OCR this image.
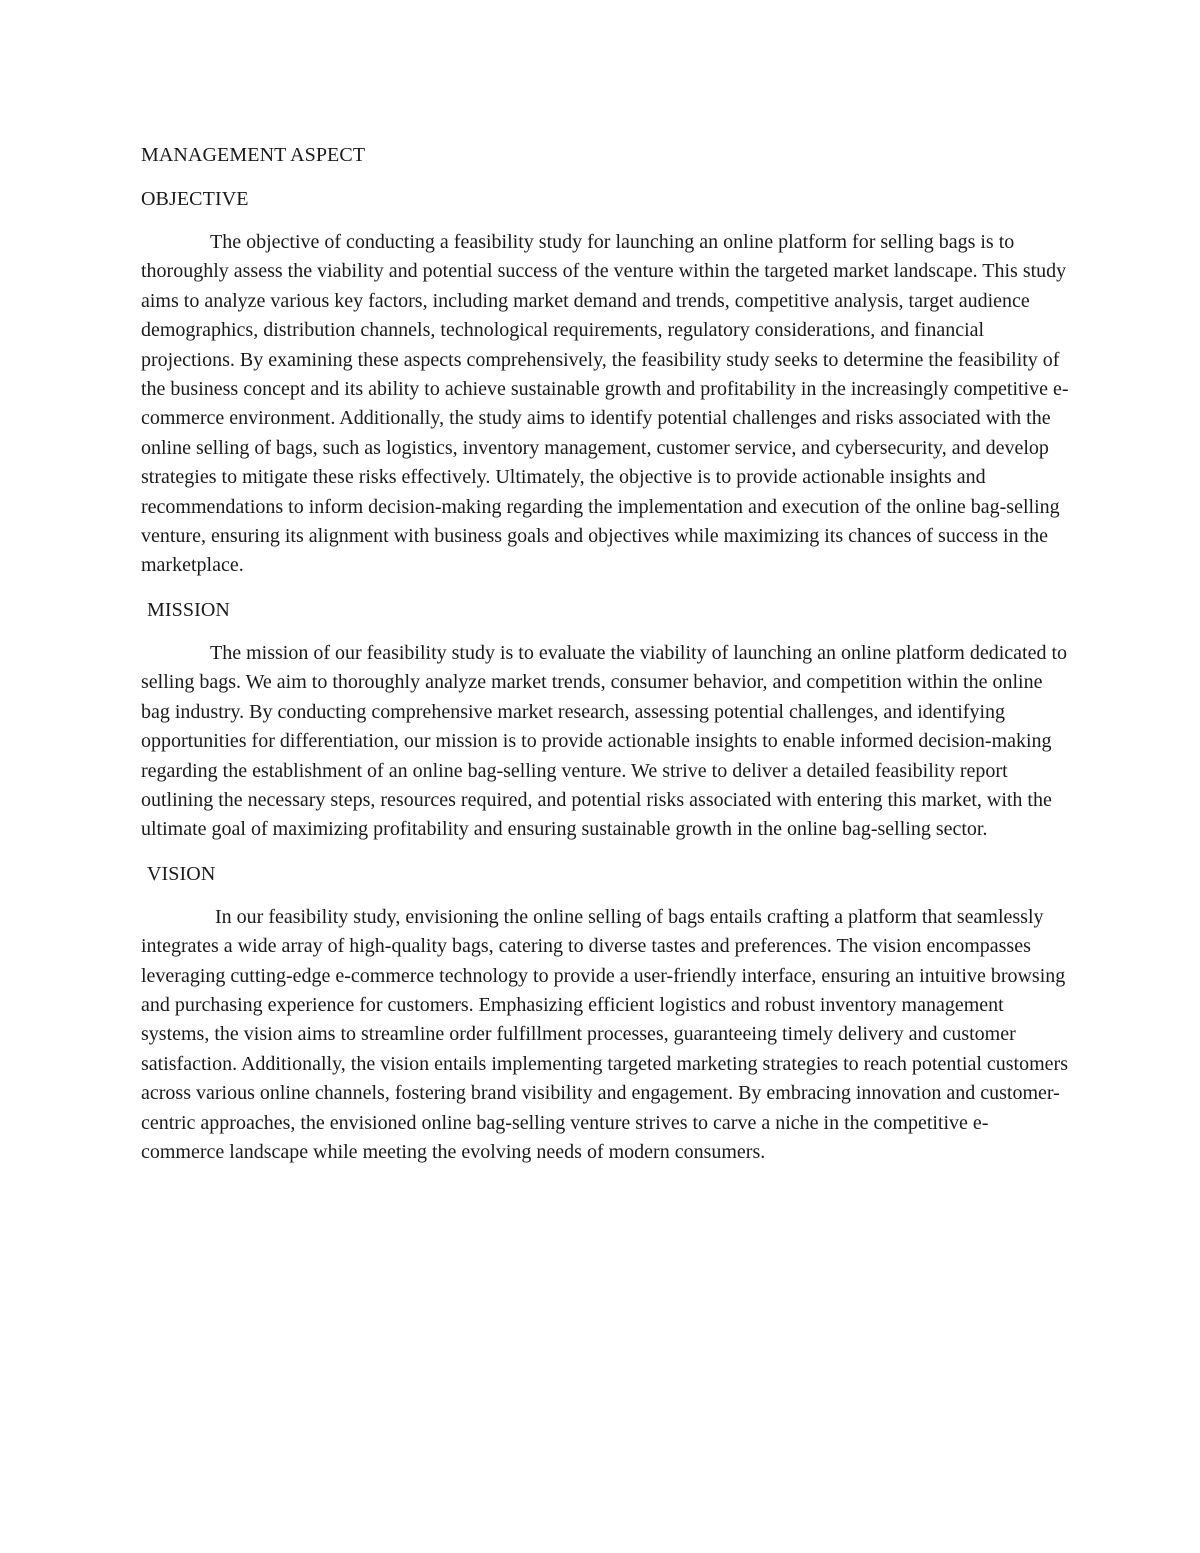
MANAGEMENT ASPECT
OBJECTIVE

The objective of conducting a feasibility study for launching an online platform for selling bags is to thoroughly assess the viability and potential success of the venture within the targeted market landscape. This study aims to analyze various key factors, including market demand and trends, competitive analysis, target audience demographics, distribution channels, technological requirements, regulatory considerations, and financial projections. By examining these aspects comprehensively, the feasibility study seeks to determine the feasibility of the business concept and its ability to achieve sustainable growth and profitability in the increasingly competitive e-commerce environment. Additionally, the study aims to identify potential challenges and risks associated with the online selling of bags, such as logistics, inventory management, customer service, and cybersecurity, and develop strategies to mitigate these risks effectively. Ultimately, the objective is to provide actionable insights and recommendations to inform decision-making regarding the implementation and execution of the online bag-selling venture, ensuring its alignment with business goals and objectives while maximizing its chances of success in the marketplace.

MISSION

The mission of our feasibility study is to evaluate the viability of launching an online platform dedicated to selling bags. We aim to thoroughly analyze market trends, consumer behavior, and competition within the online bag industry. By conducting comprehensive market research, assessing potential challenges, and identifying opportunities for differentiation, our mission is to provide actionable insights to enable informed decision-making regarding the establishment of an online bag-selling venture. We strive to deliver a detailed feasibility report outlining the necessary steps, resources required, and potential risks associated with entering this market, with the ultimate goal of maximizing profitability and ensuring sustainable growth in the online bag-selling sector.

VISION

In our feasibility study, envisioning the online selling of bags entails crafting a platform that seamlessly integrates a wide array of high-quality bags, catering to diverse tastes and preferences. The vision encompasses leveraging cutting-edge e-commerce technology to provide a user-friendly interface, ensuring an intuitive browsing and purchasing experience for customers. Emphasizing efficient logistics and robust inventory management systems, the vision aims to streamline order fulfillment processes, guaranteeing timely delivery and customer satisfaction. Additionally, the vision entails implementing targeted marketing strategies to reach potential customers across various online channels, fostering brand visibility and engagement. By embracing innovation and customer-centric approaches, the envisioned online bag-selling venture strives to carve a niche in the competitive e-commerce landscape while meeting the evolving needs of modern consumers.
